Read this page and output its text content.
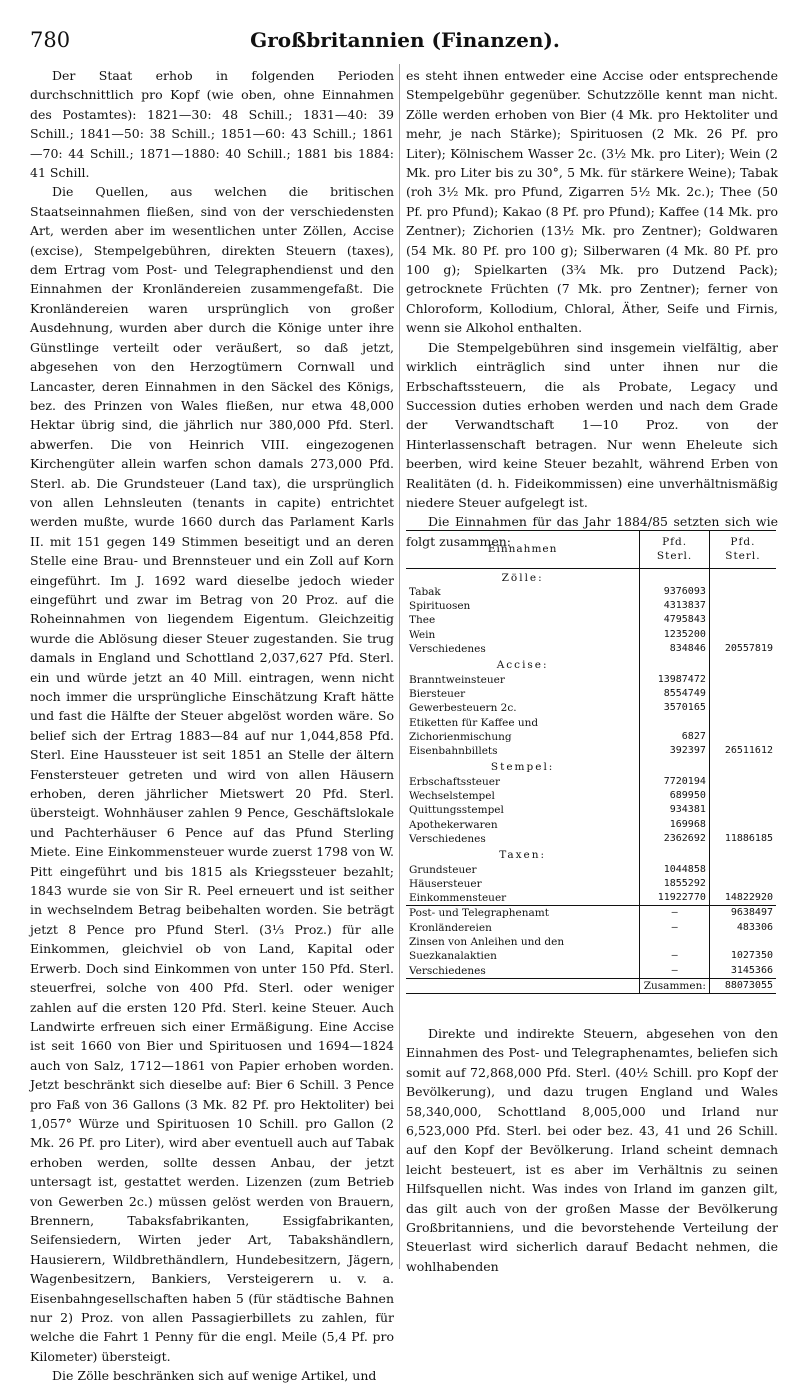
780	Großbritannien (Finanzen).

Der Staat erhob in folgenden Perioden durchschnittlich pro Kopf (wie oben, ohne Einnahmen des Postamtes): 1821—30: 48 Schill.; 1831—40: 39 Schill.; 1841—50: 38 Schill.; 1851—60: 43 Schill.; 1861—70: 44 Schill.; 1871—1880: 40 Schill.; 1881 bis 1884: 41 Schill.

Die Quellen, aus welchen die britischen Staatseinnahmen fließen, sind von der verschiedensten Art, werden aber im wesentlichen unter Zöllen, Accise (excise), Stempelgebühren, direkten Steuern (taxes), dem Ertrag vom Post- und Telegraphendienst und den Einnahmen der Kronländereien zusammengefaßt. Die Kronländereien waren ursprünglich von großer Ausdehnung, wurden aber durch die Könige unter ihre Günstlinge verteilt oder veräußert, so daß jetzt, abgesehen von den Herzogtümern Cornwall und Lancaster, deren Einnahmen in den Säckel des Königs, bez. des Prinzen von Wales fließen, nur etwa 48,000 Hektar übrig sind, die jährlich nur 380,000 Pfd. Sterl. abwerfen. Die von Heinrich VIII. eingezogenen Kirchengüter allein warfen schon damals 273,000 Pfd. Sterl. ab. Die Grundsteuer (Land tax), die ursprünglich von allen Lehnsleuten (tenants in capite) entrichtet werden mußte, wurde 1660 durch das Parlament Karls II. mit 151 gegen 149 Stimmen beseitigt und an deren Stelle eine Brau- und Brennsteuer und ein Zoll auf Korn eingeführt. Im J. 1692 ward dieselbe jedoch wieder eingeführt und zwar im Betrag von 20 Proz. auf die Roheinnahmen von liegendem Eigentum. Gleichzeitig wurde die Ablösung dieser Steuer zugestanden. Sie trug damals in England und Schottland 2,037,627 Pfd. Sterl. ein und würde jetzt an 40 Mill. eintragen, wenn nicht noch immer die ursprüngliche Einschätzung Kraft hätte und fast die Hälfte der Steuer abgelöst worden wäre. So belief sich der Ertrag 1883—84 auf nur 1,044,858 Pfd. Sterl. Eine Haussteuer ist seit 1851 an Stelle der ältern Fenstersteuer getreten und wird von allen Häusern erhoben, deren jährlicher Mietswert 20 Pfd. Sterl. übersteigt. Wohnhäuser zahlen 9 Pence, Geschäftslokale und Pachterhäuser 6 Pence auf das Pfund Sterling Miete. Eine Einkommensteuer wurde zuerst 1798 von W. Pitt eingeführt und bis 1815 als Kriegssteuer bezahlt; 1843 wurde sie von Sir R. Peel erneuert und ist seither in wechselndem Betrag beibehalten worden. Sie beträgt jetzt 8 Pence pro Pfund Sterl. (3⅓ Proz.) für alle Einkommen, gleichviel ob von Land, Kapital oder Erwerb. Doch sind Einkommen von unter 150 Pfd. Sterl. steuerfrei, solche von 400 Pfd. Sterl. oder weniger zahlen auf die ersten 120 Pfd. Sterl. keine Steuer. Auch Landwirte erfreuen sich einer Ermäßigung. Eine Accise ist seit 1660 von Bier und Spirituosen und 1694—1824 auch von Salz, 1712—1861 von Papier erhoben worden. Jetzt beschränkt sich dieselbe auf: Bier 6 Schill. 3 Pence pro Faß von 36 Gallons (3 Mk. 82 Pf. pro Hektoliter) bei 1,057° Würze und Spirituosen 10 Schill. pro Gallon (2 Mk. 26 Pf. pro Liter), wird aber eventuell auch auf Tabak erhoben werden, sollte dessen Anbau, der jetzt untersagt ist, gestattet werden. Lizenzen (zum Betrieb von Gewerben 2c.) müssen gelöst werden von Brauern, Brennern, Tabaksfabrikanten, Essigfabrikanten, Seifensiedern, Wirten jeder Art, Tabakshändlern, Hausierern, Wildbrethändlern, Hundebesitzern, Jägern, Wagenbesitzern, Bankiers, Versteigerern u. v. a. Eisenbahngesellschaften haben 5 (für städtische Bahnen nur 2) Proz. von allen Passagierbillets zu zahlen, für welche die Fahrt 1 Penny für die engl. Meile (5,4 Pf. pro Kilometer) übersteigt.

Die Zölle beschränken sich auf wenige Artikel, und

es steht ihnen entweder eine Accise oder entsprechende Stempelgebühr gegenüber. Schutzzölle kennt man nicht. Zölle werden erhoben von Bier (4 Mk. pro Hektoliter und mehr, je nach Stärke); Spirituosen (2 Mk. 26 Pf. pro Liter); Kölnischem Wasser 2c. (3½ Mk. pro Liter); Wein (2 Mk. pro Liter bis zu 30°, 5 Mk. für stärkere Weine); Tabak (roh 3½ Mk. pro Pfund, Zigarren 5½ Mk. 2c.); Thee (50 Pf. pro Pfund); Kakao (8 Pf. pro Pfund); Kaffee (14 Mk. pro Zentner); Zichorien (13½ Mk. pro Zentner); Goldwaren (54 Mk. 80 Pf. pro 100 g); Silberwaren (4 Mk. 80 Pf. pro 100 g); Spielkarten (3¾ Mk. pro Dutzend Pack); getrocknete Früchten (7 Mk. pro Zentner); ferner von Chloroform, Kollodium, Chloral, Äther, Seife und Firnis, wenn sie Alkohol enthalten.

Die Stempelgebühren sind insgemein vielfältig, aber wirklich einträglich sind unter ihnen nur die Erbschaftssteuern, die als Probate, Legacy und Succession duties erhoben werden und nach dem Grade der Verwandtschaft 1—10 Proz. von der Hinterlassenschaft betragen. Nur wenn Eheleute sich beerben, wird keine Steuer bezahlt, während Erben von Realitäten (d. h. Fideikommissen) eine unverhältnismäßig niedere Steuer aufgelegt ist.

Die Einnahmen für das Jahr 1884/85 setzten sich wie folgt zusammen:

Einnahmen	Pfd. Sterl.	Pfd. Sterl.
Zölle:		
Tabak	9376093	
Spirituosen	4313837	
Thee	4795843	
Wein	1235200	
Verschiedenes	834846	20557819
Accise:		
Branntweinsteuer	13987472	
Biersteuer	8554749	
Gewerbesteuern 2c.	3570165	
Etiketten für Kaffee und Zichorienmischung	6827	
Eisenbahnbillets	392397	26511612
Stempel:		
Erbschaftssteuer	7720194	
Wechselstempel	689950	
Quittungsstempel	934381	
Apothekerwaren	169968	
Verschiedenes	2362692	11886185
Taxen:		
Grundsteuer	1044858	
Häusersteuer	1855292	
Einkommensteuer	11922770	14822920
Post- und Telegraphenamt	—	9638497
Kronländereien	—	483306
Zinsen von Anleihen und den Suezkanalaktien	—	1027350
Verschiedenes	—	3145366
	Zusammen:	88073055

Direkte und indirekte Steuern, abgesehen von den Einnahmen des Post- und Telegraphenamtes, beliefen sich somit auf 72,868,000 Pfd. Sterl. (40½ Schill. pro Kopf der Bevölkerung), und dazu trugen England und Wales 58,340,000, Schottland 8,005,000 und Irland nur 6,523,000 Pfd. Sterl. bei oder bez. 43, 41 und 26 Schill. auf den Kopf der Bevölkerung. Irland scheint demnach leicht besteuert, ist es aber im Verhältnis zu seinen Hilfsquellen nicht. Was indes von Irland im ganzen gilt, das gilt auch von der großen Masse der Bevölkerung Großbritanniens, und die bevorstehende Verteilung der Steuerlast wird sicherlich darauf Bedacht nehmen, die wohlhabenden
